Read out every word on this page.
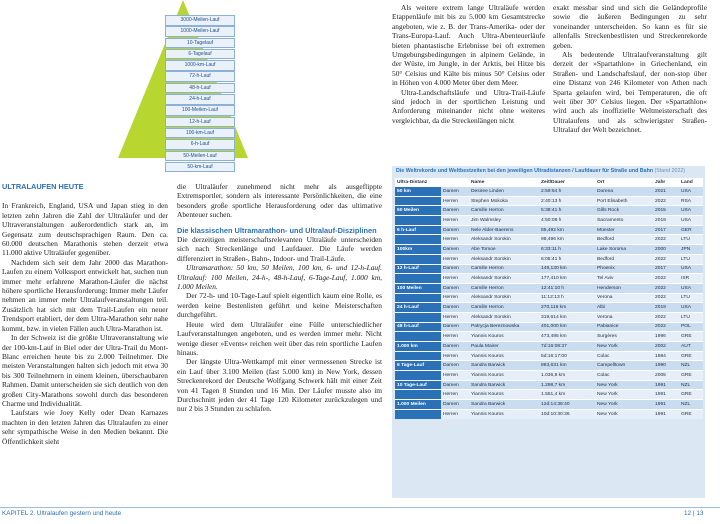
3000-Meilen-Lauf
1000-Meilen-Lauf
10-Tagelauf
6-Tagelauf
1000-km-Lauf
72-h-Lauf
48-h-Lauf
24-h-Lauf
100-Meilen-Lauf
12-h-Lauf
100-km-Lauf
6-h-Lauf
50-Meilen-Lauf
50-km-Lauf

Als weitere extrem lange Ultraläufe werden Etappenläufe mit bis zu 5.000 km Gesamtstrecke angeboten, wie z. B. der Trans-Amerika- oder der Trans-Europa-Lauf. Auch Ultra-Abenteuerläufe bieten phantastische Erlebnisse bei oft extremen Umgebungsbedingungen in alpinem Gelände, in der Wüste, im Jungle, in der Arktis, bei Hitze bis 50° Celsius und Kälte bis minus 50° Celsius oder in Höhen von 4.000 Meter über dem Meer.

Ultra-Landschaftsläufe und Ultra-Trail-Läufe sind jedoch in der sportlichen Leistung und Anforderung miteinander nicht ohne weiteres vergleichbar, da die Streckenlängen nicht

exakt messbar sind und sich die Geländeprofile sowie die äußeren Bedingungen zu sehr voneinander unterscheiden. So kann es für sie allenfalls Streckenbestlisten und Streckenrekorde geben.

Als bedeutende Ultralaufveranstaltung gilt derzeit der »Spartathlon« in Griechenland, ein Straßen- und Landschaftslauf, der non-stop über eine Distanz von 246 Kilometer von Athen nach Sparta gelaufen wird, bei Temperaturen, die oft weit über 30° Celsius liegen. Der »Spartathlon« wird auch als inoffizielle Weltmeisterschaft des Ultralaufens und als schwierigster Straßen-Ultralauf der Welt bezeichnet.

ULTRALAUFEN HEUTE

In Frankreich, England, USA und Japan stieg in den letzten zehn Jahren die Zahl der Ultraläufer und der Ultraveranstaltungen außerordentlich stark an, im Gegensatz zum deutschsprachigen Raum. Den ca. 60.000 deutschen Marathonis stehen derzeit etwa 11.000 aktive Ultraläufer gegenüber.

Nachdem sich seit dem Jahr 2000 das Marathon-Laufen zu einem Volkssport entwickelt hat, suchen nun immer mehr erfahrene Marathon-Läufer die nächst höhere sportliche Herausforderung: Immer mehr Läufer nehmen an immer mehr Ultralaufveranstaltungen teil. Zusätzlich hat sich mit dem Trail-Laufen ein neuer Trendsport etabliert, der dem Ultra-Marathon sehr nahe kommt, bzw. in vielen Fällen auch Ultra-Marathon ist.

In der Schweiz ist die größte Ultraveranstaltung wie der 100-km-Lauf in Biel oder der Ultra-Trail du Mont-Blanc erreichen heute bis zu 2.000 Teilnehmer. Die meisten Veranstaltungen halten sich jedoch mit etwa 30 bis 300 Teilnehmern in einem kleinen, überschaubaren Rahmen. Damit unterscheiden sie sich deutlich von den großen City-Marathons sowohl durch das besonderen Charme und Individualität.

Laufstars wie Joey Kelly oder Dean Karnazes machten in den letzten Jahren das Ultralaufen zu einer sehr sympathische Weise in den Medien bekannt. Die Öffentlichkeit sieht

die Ultraläufer zunehmend nicht mehr als ausgeflippte Extremsportler, sondern als interessante Persönlichkeiten, die eine besonders große sportliche Herausforderung oder das ultimative Abenteuer suchen.

Die klassischen Ultramarathon- und Ultralauf-Disziplinen

Die derzeitigen meisterschaftsrelevanten Ultraläufe unterscheiden sich nach Streckenlänge und Laufdauer. Die Läufe werden differenziert in Straßen-, Bahn-, Indoor- und Trail-Läufe.

Ultramarathon: 50 km, 50 Meilen, 100 km, 6- und 12-h-Lauf. Ultralauf: 100 Meilen, 24-h-, 48-h-Lauf, 6-Tage-Lauf, 1.000 km, 1.000 Meilen.

Der 72-h- und 10-Tage-Lauf spielt eigentlich kaum eine Rolle, es werden keine Bestenlisten geführt und keine Meisterschaften durchgeführt.

Heute wird dem Ultraläufer eine Fülle unterschiedlicher Laufveranstaltungen angeboten, und es werden immer mehr. Nicht wenige dieser »Events« reichen weit über das rein sportliche Laufen hinaus.

Der längste Ultra-Wettkampf mit einer vermessenen Strecke ist ein Lauf über 3.100 Meilen (fast 5.000 km) in New York, dessen Streckenrekord der Deutsche Wolfgang Schwerk hält mit einer Zeit von 41 Tagen 8 Stunden und 16 Min. Der Läufer musste also im Durchschnitt jeden der 41 Tage 120 Kilometer zurückzulegen und nur 2 bis 3 Stunden zu schlafen.

Die Weltrekorde und Weltbestzeiten bei den jeweiligen Ultradistanzen / Laufdauer für Straße und Bahn (Stand 2022)
Ultra-Distanz		Name	Zeit/Dauer	Ort	Jahr	Land
50 km	Damen	Desiree Linden	2:59:54 h	Dorena	2021	USA
	Herren	Stephen Mokoka	2:40:13 h	Port Elisabeth	2022	RSA
50 Meilen	Damen	Camille Herron	5:38:41 h	Gills Rock	2015	USA
	Herren	Jim Walmsley	4:50:08 h	Sacramento	2019	USA
6 h-Lauf	Damen	Nele Alder-Baerens	85,492 km	Münster	2017	GER
	Herren	Aleksandr Sorokin	98,496 km	Bedford	2022	LTU
100km	Damen	Abe Tomoe	6:33:11 h	Lake Soroma	2000	JPN
	Herren	Aleksandr Sorokin	6:05:41 h	Bedford	2022	LTU
12 h-Lauf	Damen	Camille Herron	149,130 km	Phoenix	2017	USA
	Herren	Aleksandr Sorokin	177,410 km	Tel Aviv	2022	ISR
100 Meilen	Damen	Camille Herron	12:41:10 h	Henderson	2022	USA
	Herren	Aleksandr Sorokin	11:12:13 h	Verona	2022	LTU
24 h-Lauf	Damen	Camille Herron	270,116 km	Albi	2019	USA
	Herren	Aleksandr Sorokin	319,614 km	Verona	2022	LTU
48 h-Lauf	Damen	Patrycja Bereznowska	401,000 km	Pabianice	2022	POL
	Herren	Yiannis Kouros	473,495 km	Surgères	1996	GRE
1.000 km	Damen	Paula Mairer	7d:16:08:37	New York	2002	AUT
	Herren	Yiannis Kouros	5d:16:17:00	Colac	1984	GRE
6 Tage-Lauf	Damen	Sandra Barwick	883,631 km	Campelltown	1990	NZL
	Herren	Yiannis Kouros	1.036,8 km	Colac	2005	GRE
10 Tage-Lauf	Damen	Sandra Barwick	1.298,7 km	New York	1991	NZL
	Herren	Yiannis Kouros	1.551,4 km	New York	1991	GRE
1.000 Meilen	Damen	Sandra Barwick	12d:14:38:40	New York	1991	NZL
	Herren	Yiannis Kouros	10d:10:30:36	New York	1991	GRE
KAPITEL 2. Ultralaufen gestern und heute	12 | 13
